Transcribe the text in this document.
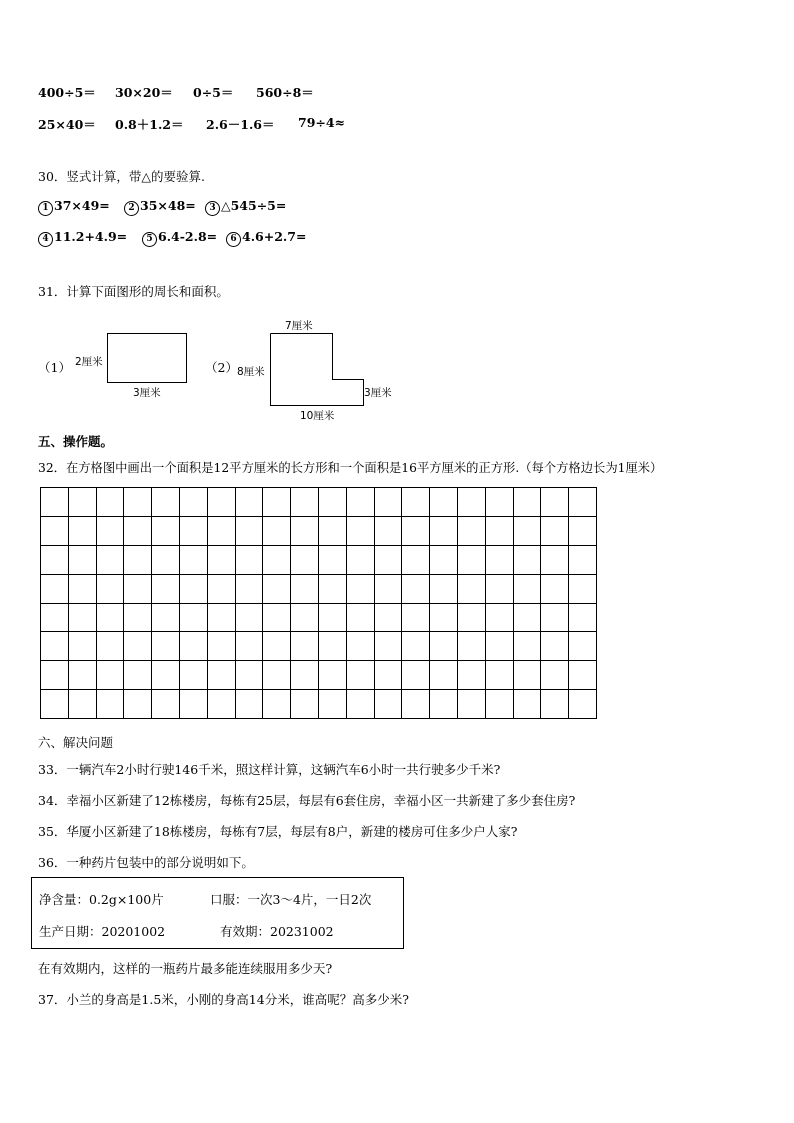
400÷5＝ 30×20＝ 0÷5＝ 560÷8＝
25×40＝ 0.8＋1.2＝ 2.6－1.6＝ 79÷4≈
30．竖式计算，带△的要验算.
1 37×49=	2 35×48=	3 △545÷5=
4 11.2+4.9=	5 6.4-2.8=	6 4.6+2.7=
31．计算下面图形的周长和面积。
（1） 2厘米
3厘米
（2）
7厘米
8厘米
3厘米
10厘米
五、操作题。
32．在方格图中画出一个面积是12平方厘米的长方形和一个面积是16平方厘米的正方形.（每个方格边长为1厘米）

六、解决问题
33．一辆汽车2小时行驶146千米，照这样计算，这辆汽车6小时一共行驶多少千米?
34．幸福小区新建了12栋楼房，每栋有25层，每层有6套住房，幸福小区一共新建了多少套住房?
35．华厦小区新建了18栋楼房，每栋有7层，每层有8户，新建的楼房可住多少户人家?
36．一种药片包装中的部分说明如下。
净含量：0.2g×100片	口服：一次3～4片，一日2次
生产日期：20201002	有效期：20231002
在有效期内，这样的一瓶药片最多能连续服用多少天?
37．小兰的身高是1.5米，小刚的身高14分米，谁高呢？高多少米?
